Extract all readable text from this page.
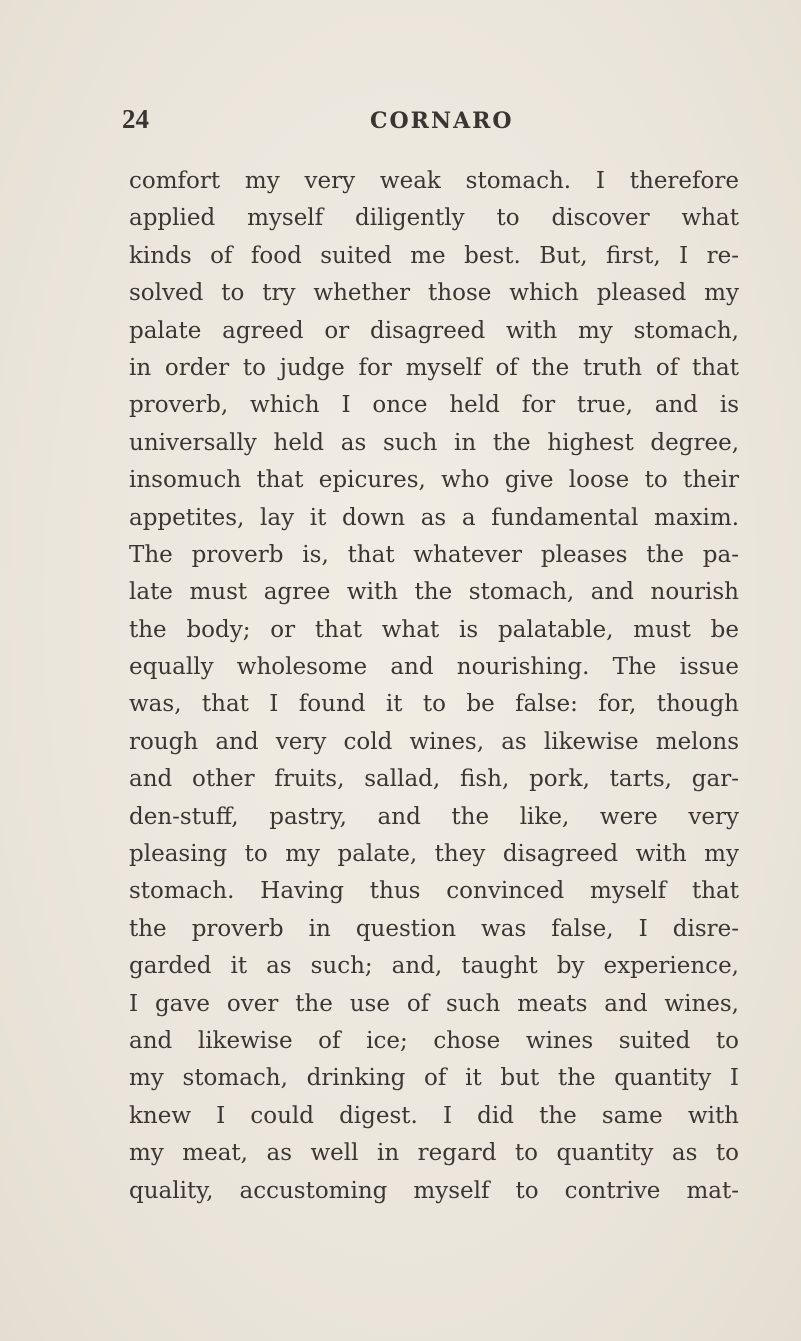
24	CORNARO
comfort my very weak stomach. I therefore
applied myself diligently to discover what
kinds of food suited me best. But, first, I re-
solved to try whether those which pleased my
palate agreed or disagreed with my stomach,
in order to judge for myself of the truth of that
proverb, which I once held for true, and is
universally held as such in the highest degree,
insomuch that epicures, who give loose to their
appetites, lay it down as a fundamental maxim.
The proverb is, that whatever pleases the pa-
late must agree with the stomach, and nourish
the body; or that what is palatable, must be
equally wholesome and nourishing. The issue
was, that I found it to be false: for, though
rough and very cold wines, as likewise melons
and other fruits, sallad, fish, pork, tarts, gar-
den-stuff, pastry, and the like, were very
pleasing to my palate, they disagreed with my
stomach. Having thus convinced myself that
the proverb in question was false, I disre-
garded it as such; and, taught by experience,
I gave over the use of such meats and wines,
and likewise of ice; chose wines suited to
my stomach, drinking of it but the quantity I
knew I could digest. I did the same with
my meat, as well in regard to quantity as to
quality, accustoming myself to contrive mat-
